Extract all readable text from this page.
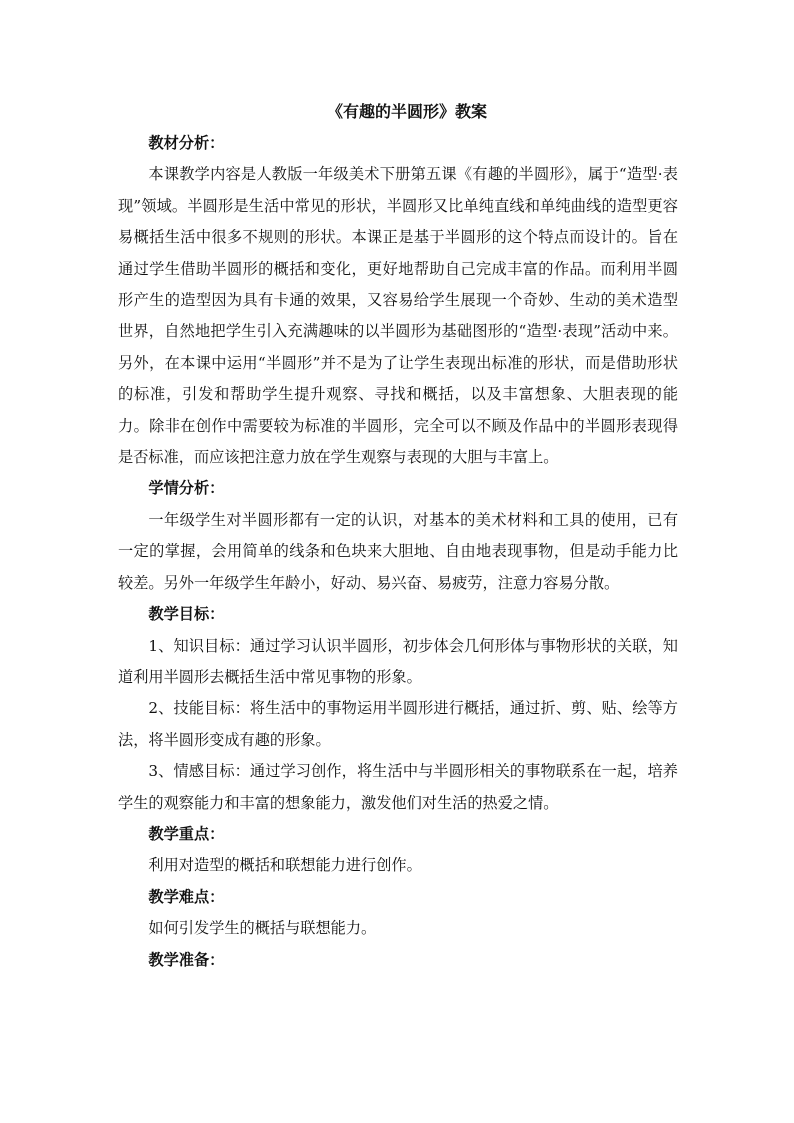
《有趣的半圆形》教案
教材分析：

本课教学内容是人教版一年级美术下册第五课《有趣的半圆形》，属于“造型·表现”领域。半圆形是生活中常见的形状，半圆形又比单纯直线和单纯曲线的造型更容易概括生活中很多不规则的形状。本课正是基于半圆形的这个特点而设计的。旨在通过学生借助半圆形的概括和变化，更好地帮助自己完成丰富的作品。而利用半圆形产生的造型因为具有卡通的效果，又容易给学生展现一个奇妙、生动的美术造型世界，自然地把学生引入充满趣味的以半圆形为基础图形的“造型·表现”活动中来。另外，在本课中运用“半圆形”并不是为了让学生表现出标准的形状，而是借助形状的标准，引发和帮助学生提升观察、寻找和概括，以及丰富想象、大胆表现的能力。除非在创作中需要较为标准的半圆形，完全可以不顾及作品中的半圆形表现得是否标准，而应该把注意力放在学生观察与表现的大胆与丰富上。

学情分析：

一年级学生对半圆形都有一定的认识，对基本的美术材料和工具的使用，已有一定的掌握，会用简单的线条和色块来大胆地、自由地表现事物，但是动手能力比较差。另外一年级学生年龄小，好动、易兴奋、易疲劳，注意力容易分散。

教学目标：

1、知识目标：通过学习认识半圆形，初步体会几何形体与事物形状的关联，知道利用半圆形去概括生活中常见事物的形象。

2、技能目标：将生活中的事物运用半圆形进行概括，通过折、剪、贴、绘等方法，将半圆形变成有趣的形象。

3、情感目标：通过学习创作，将生活中与半圆形相关的事物联系在一起，培养学生的观察能力和丰富的想象能力，激发他们对生活的热爱之情。

教学重点：

利用对造型的概括和联想能力进行创作。

教学难点：

如何引发学生的概括与联想能力。

教学准备：
